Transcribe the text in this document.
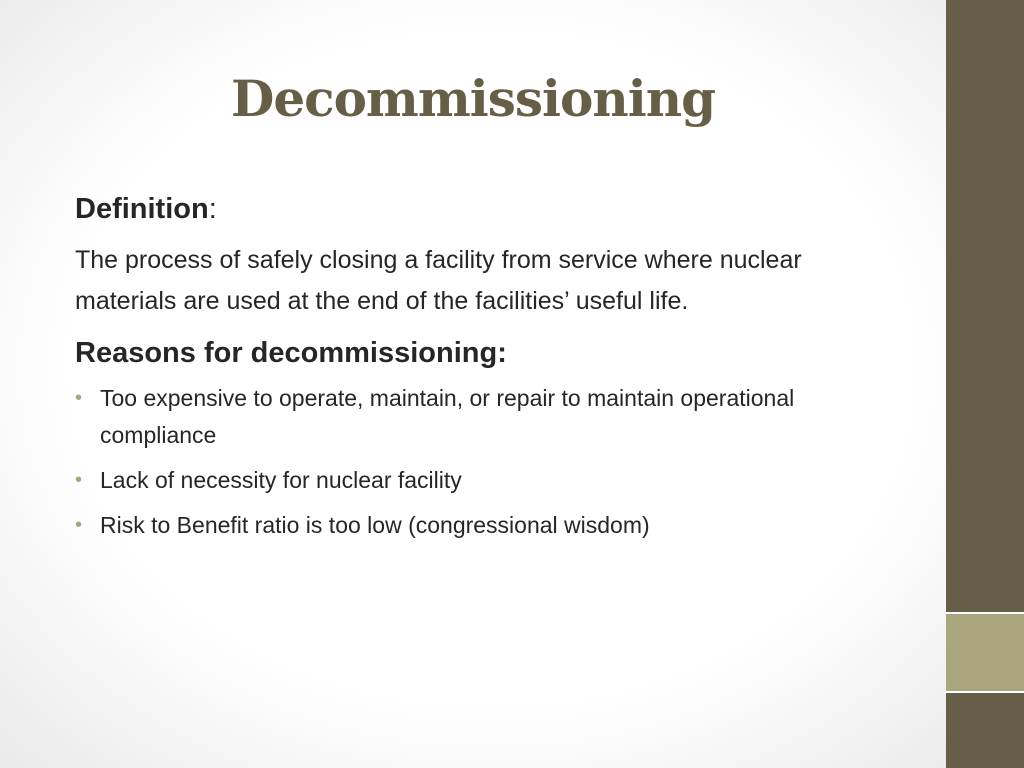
Decommissioning

Definition:

The process of safely closing a facility from service where nuclear materials are used at the end of the facilities’ useful life.

Reasons for decommissioning:

• Too expensive to operate, maintain, or repair to maintain operational compliance
• Lack of necessity for nuclear facility
• Risk to Benefit ratio is too low (congressional wisdom)
